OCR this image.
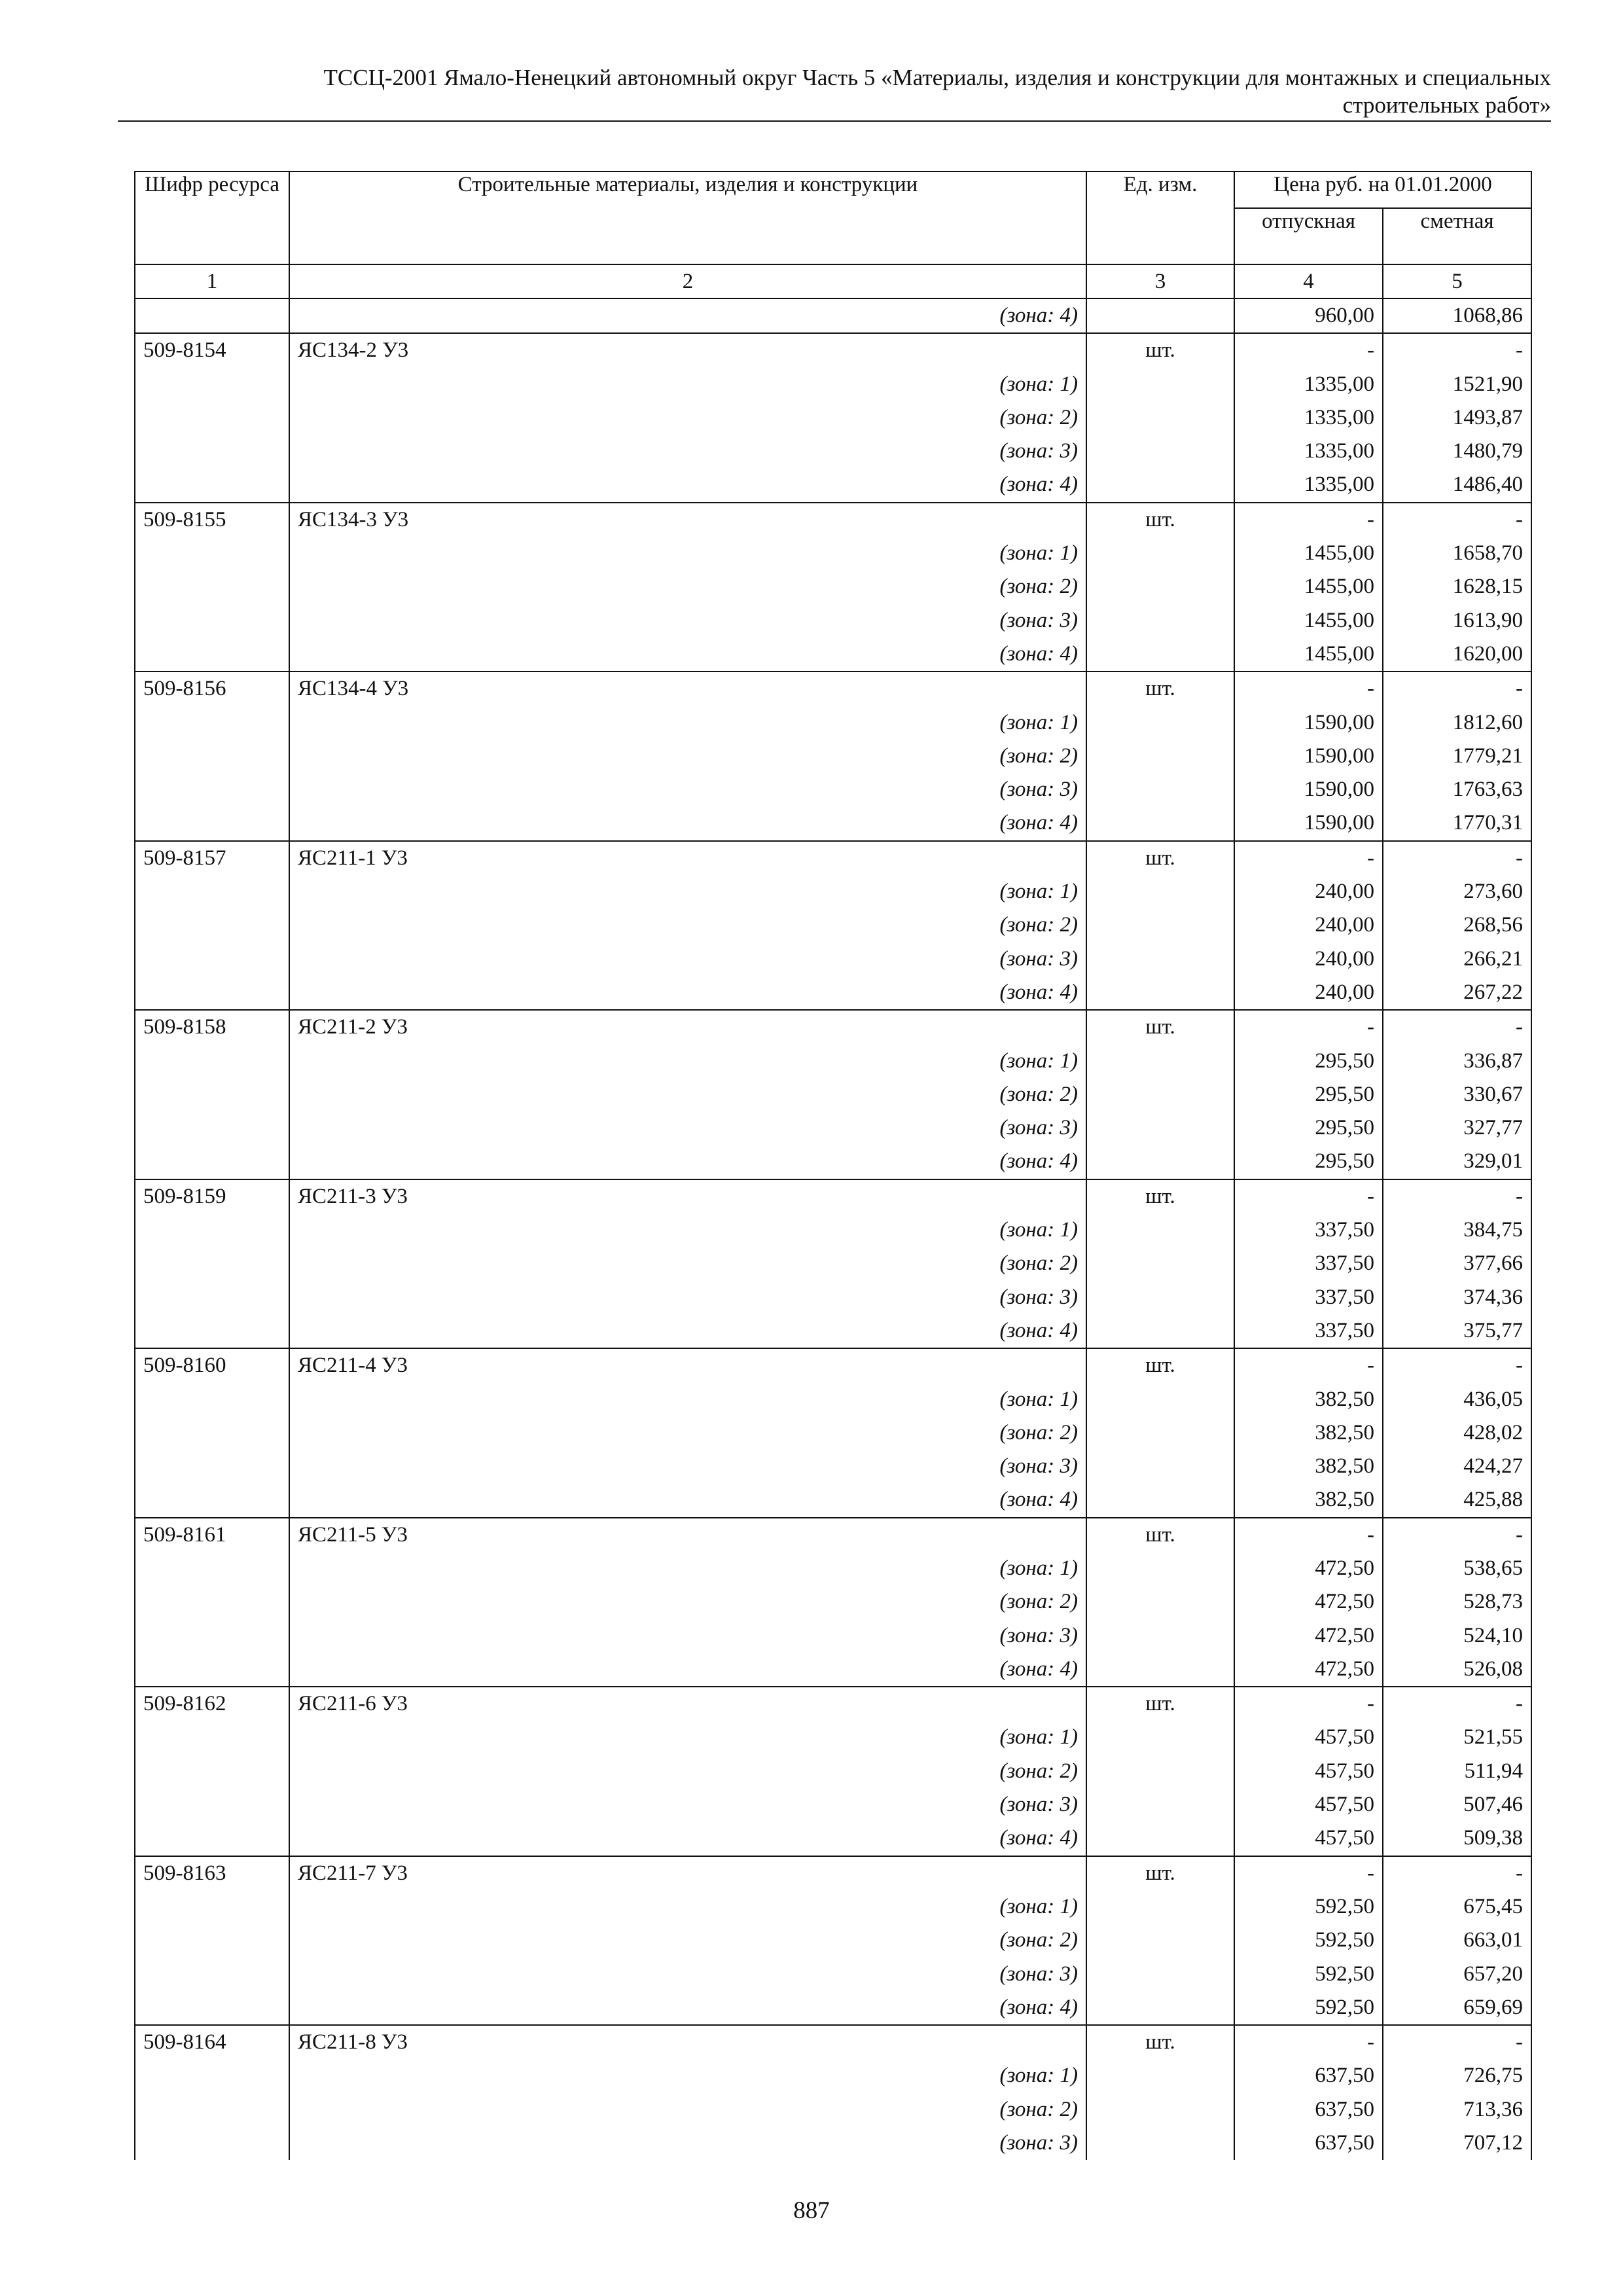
ТССЦ-2001 Ямало-Ненецкий автономный округ Часть 5 «Материалы, изделия и конструкции для монтажных и специальных
строительных работ»
Шифр ресурса	Строительные материалы, изделия и конструкции	Ед. изм.	Цена руб. на 01.01.2000	
			отпускная	сметная
1	2	3	4	5
	(зона: 4)		960,00	1068,86
509-8154	ЯС134-2 У3	шт.	-	-
	(зона: 1)		1335,00	1521,90
	(зона: 2)		1335,00	1493,87
	(зона: 3)		1335,00	1480,79
	(зона: 4)		1335,00	1486,40
509-8155	ЯС134-3 У3	шт.	-	-
	(зона: 1)		1455,00	1658,70
	(зона: 2)		1455,00	1628,15
	(зона: 3)		1455,00	1613,90
	(зона: 4)		1455,00	1620,00
509-8156	ЯС134-4 У3	шт.	-	-
	(зона: 1)		1590,00	1812,60
	(зона: 2)		1590,00	1779,21
	(зона: 3)		1590,00	1763,63
	(зона: 4)		1590,00	1770,31
509-8157	ЯС211-1 У3	шт.	-	-
	(зона: 1)		240,00	273,60
	(зона: 2)		240,00	268,56
	(зона: 3)		240,00	266,21
	(зона: 4)		240,00	267,22
509-8158	ЯС211-2 У3	шт.	-	-
	(зона: 1)		295,50	336,87
	(зона: 2)		295,50	330,67
	(зона: 3)		295,50	327,77
	(зона: 4)		295,50	329,01
509-8159	ЯС211-3 У3	шт.	-	-
	(зона: 1)		337,50	384,75
	(зона: 2)		337,50	377,66
	(зона: 3)		337,50	374,36
	(зона: 4)		337,50	375,77
509-8160	ЯС211-4 У3	шт.	-	-
	(зона: 1)		382,50	436,05
	(зона: 2)		382,50	428,02
	(зона: 3)		382,50	424,27
	(зона: 4)		382,50	425,88
509-8161	ЯС211-5 У3	шт.	-	-
	(зона: 1)		472,50	538,65
	(зона: 2)		472,50	528,73
	(зона: 3)		472,50	524,10
	(зона: 4)		472,50	526,08
509-8162	ЯС211-6 У3	шт.	-	-
	(зона: 1)		457,50	521,55
	(зона: 2)		457,50	511,94
	(зона: 3)		457,50	507,46
	(зона: 4)		457,50	509,38
509-8163	ЯС211-7 У3	шт.	-	-
	(зона: 1)		592,50	675,45
	(зона: 2)		592,50	663,01
	(зона: 3)		592,50	657,20
	(зона: 4)		592,50	659,69
509-8164	ЯС211-8 У3	шт.	-	-
	(зона: 1)		637,50	726,75
	(зона: 2)		637,50	713,36
	(зона: 3)		637,50	707,12
887
